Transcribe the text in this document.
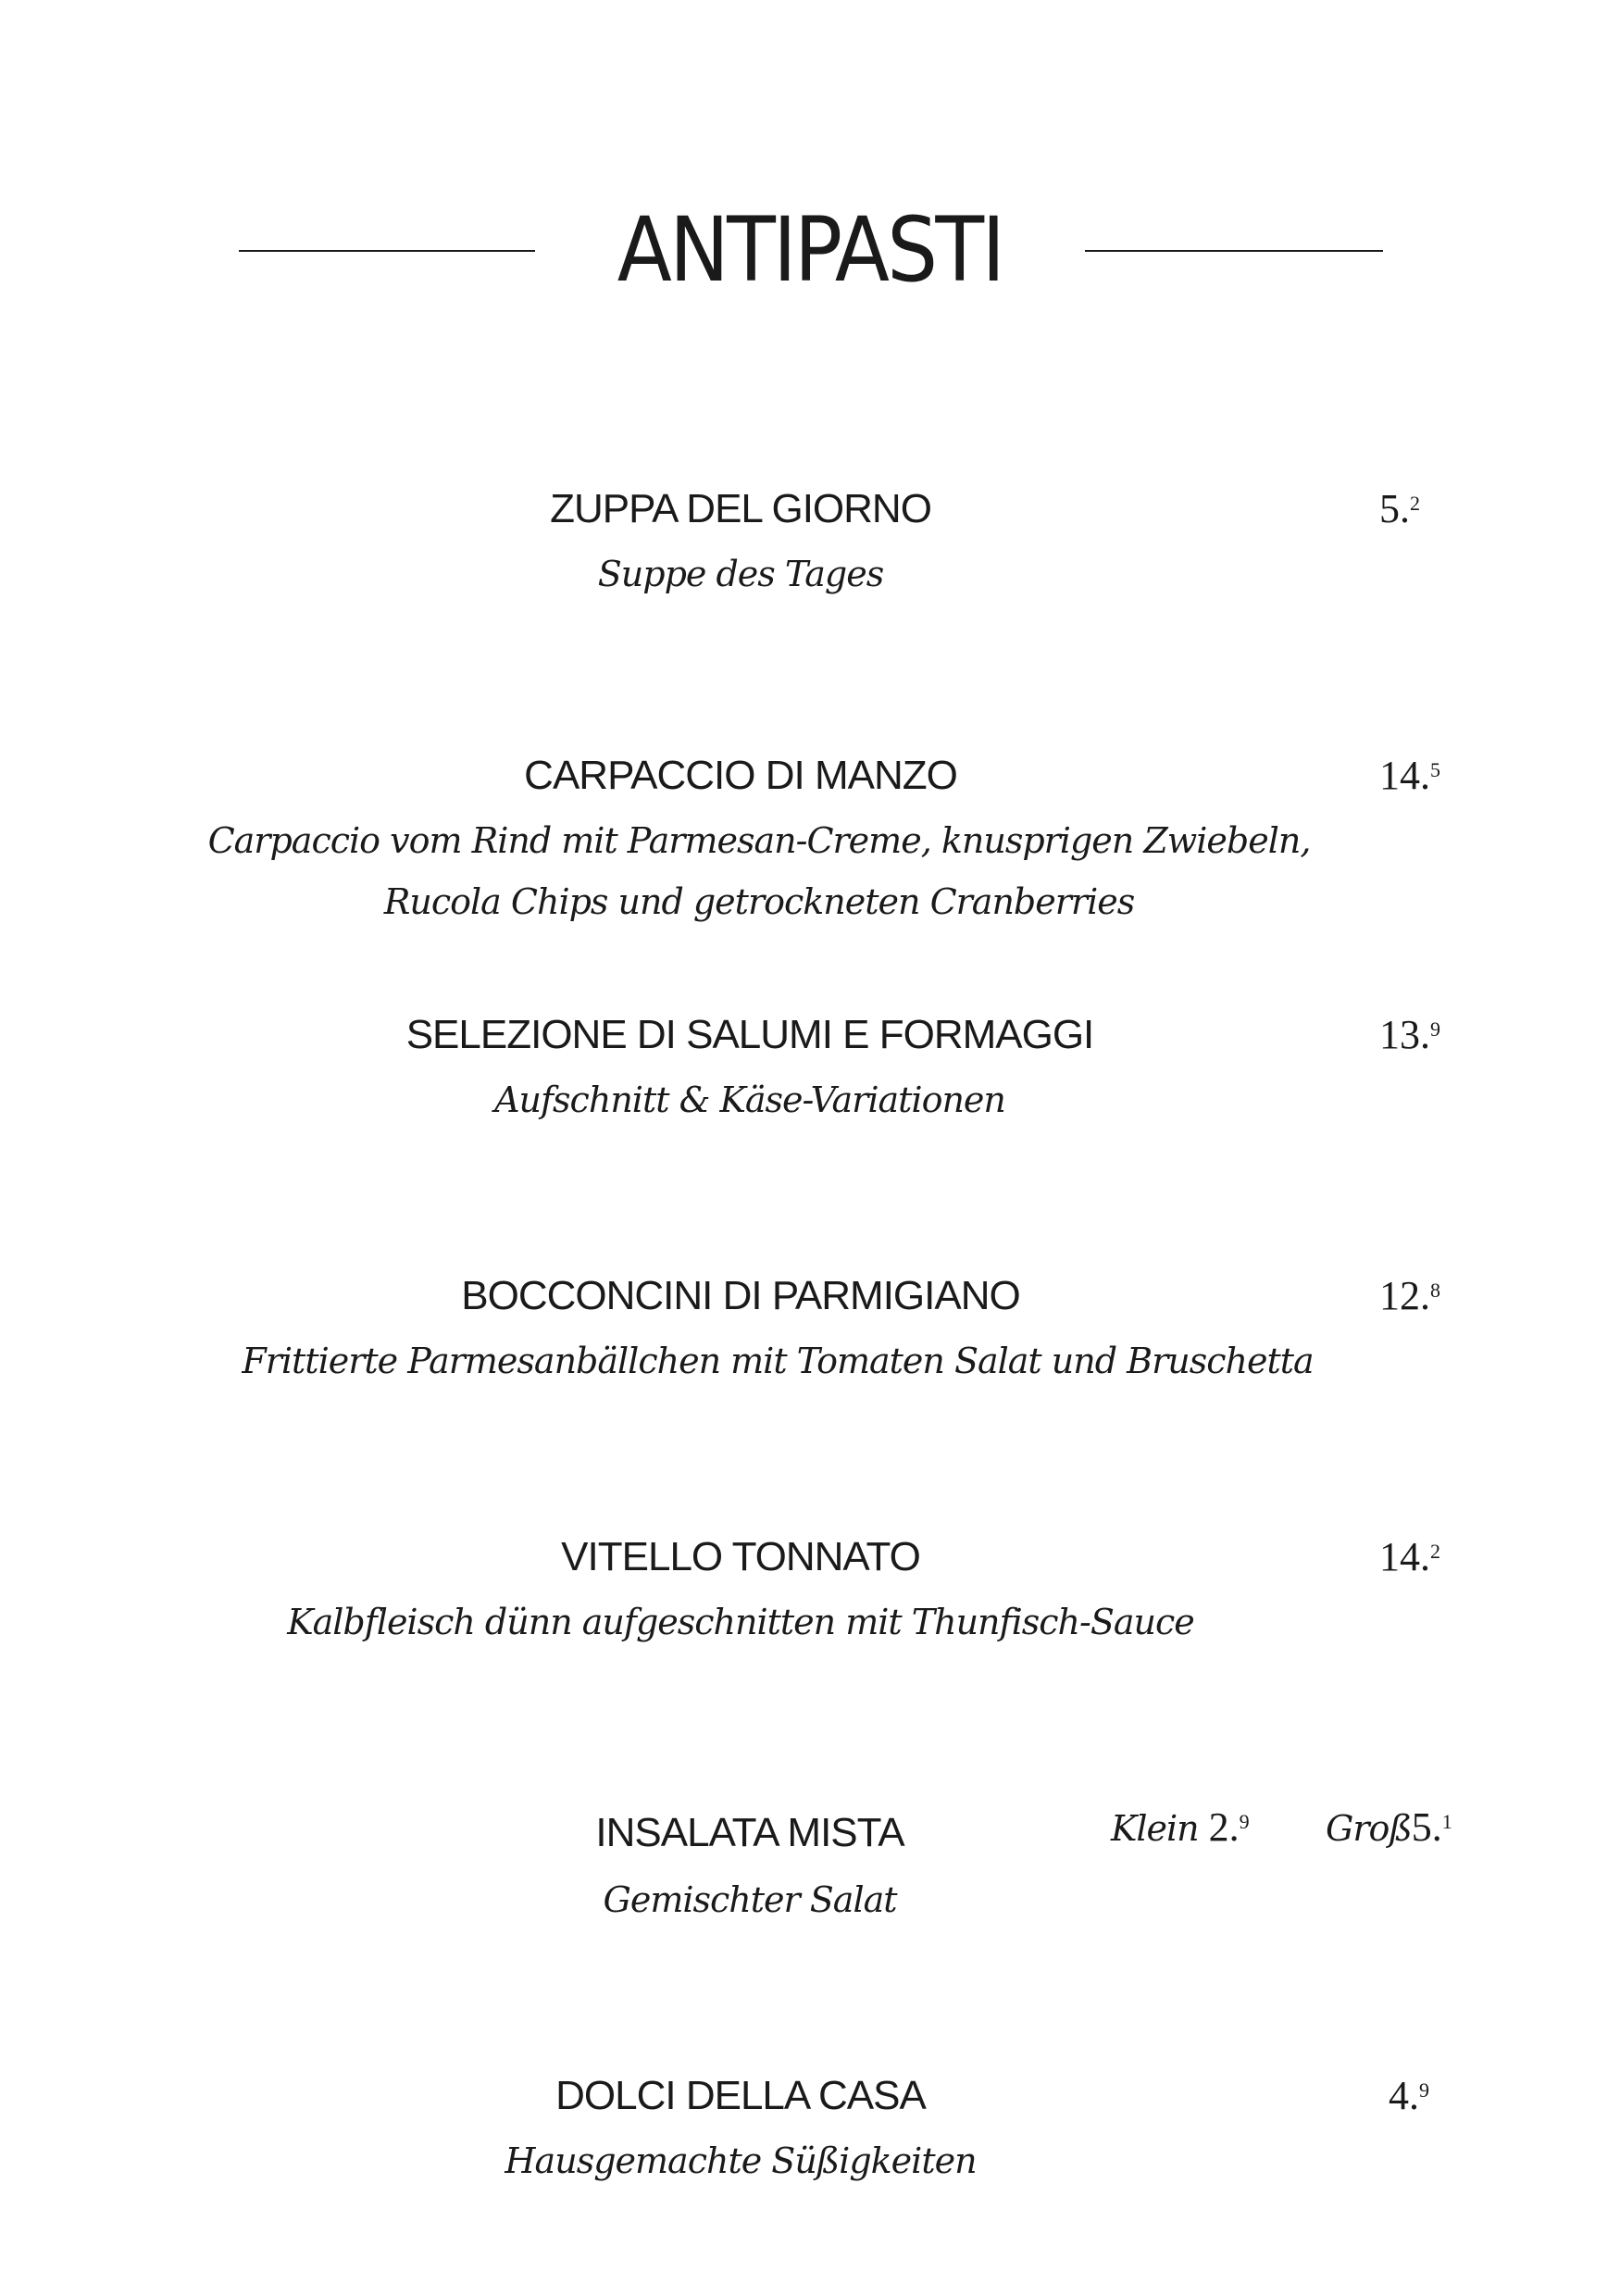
ANTIPASTI
ZUPPA DEL GIORNO	5.$^2$
Suppe des Tages
CARPACCIO DI MANZO	14.$^5$
Carpaccio vom Rind mit Parmesan-Creme, knusprigen Zwiebeln,
Rucola Chips und getrockneten Cranberries
SELEZIONE DI SALUMI E FORMAGGI	13.$^9$
Aufschnitt & Käse-Variationen
BOCCONCINI DI PARMIGIANO	12.$^8$
Frittierte Parmesanbällchen mit Tomaten Salat und Bruschetta
VITELLO TONNATO	14.$^2$
Kalbfleisch dünn aufgeschnitten mit Thunfisch-Sauce
INSALATA MISTA	Klein 2.$^9$ Groß5.$^1$
Gemischter Salat
DOLCI DELLA CASA	4.$^9$
Hausgemachte Süßigkeiten
